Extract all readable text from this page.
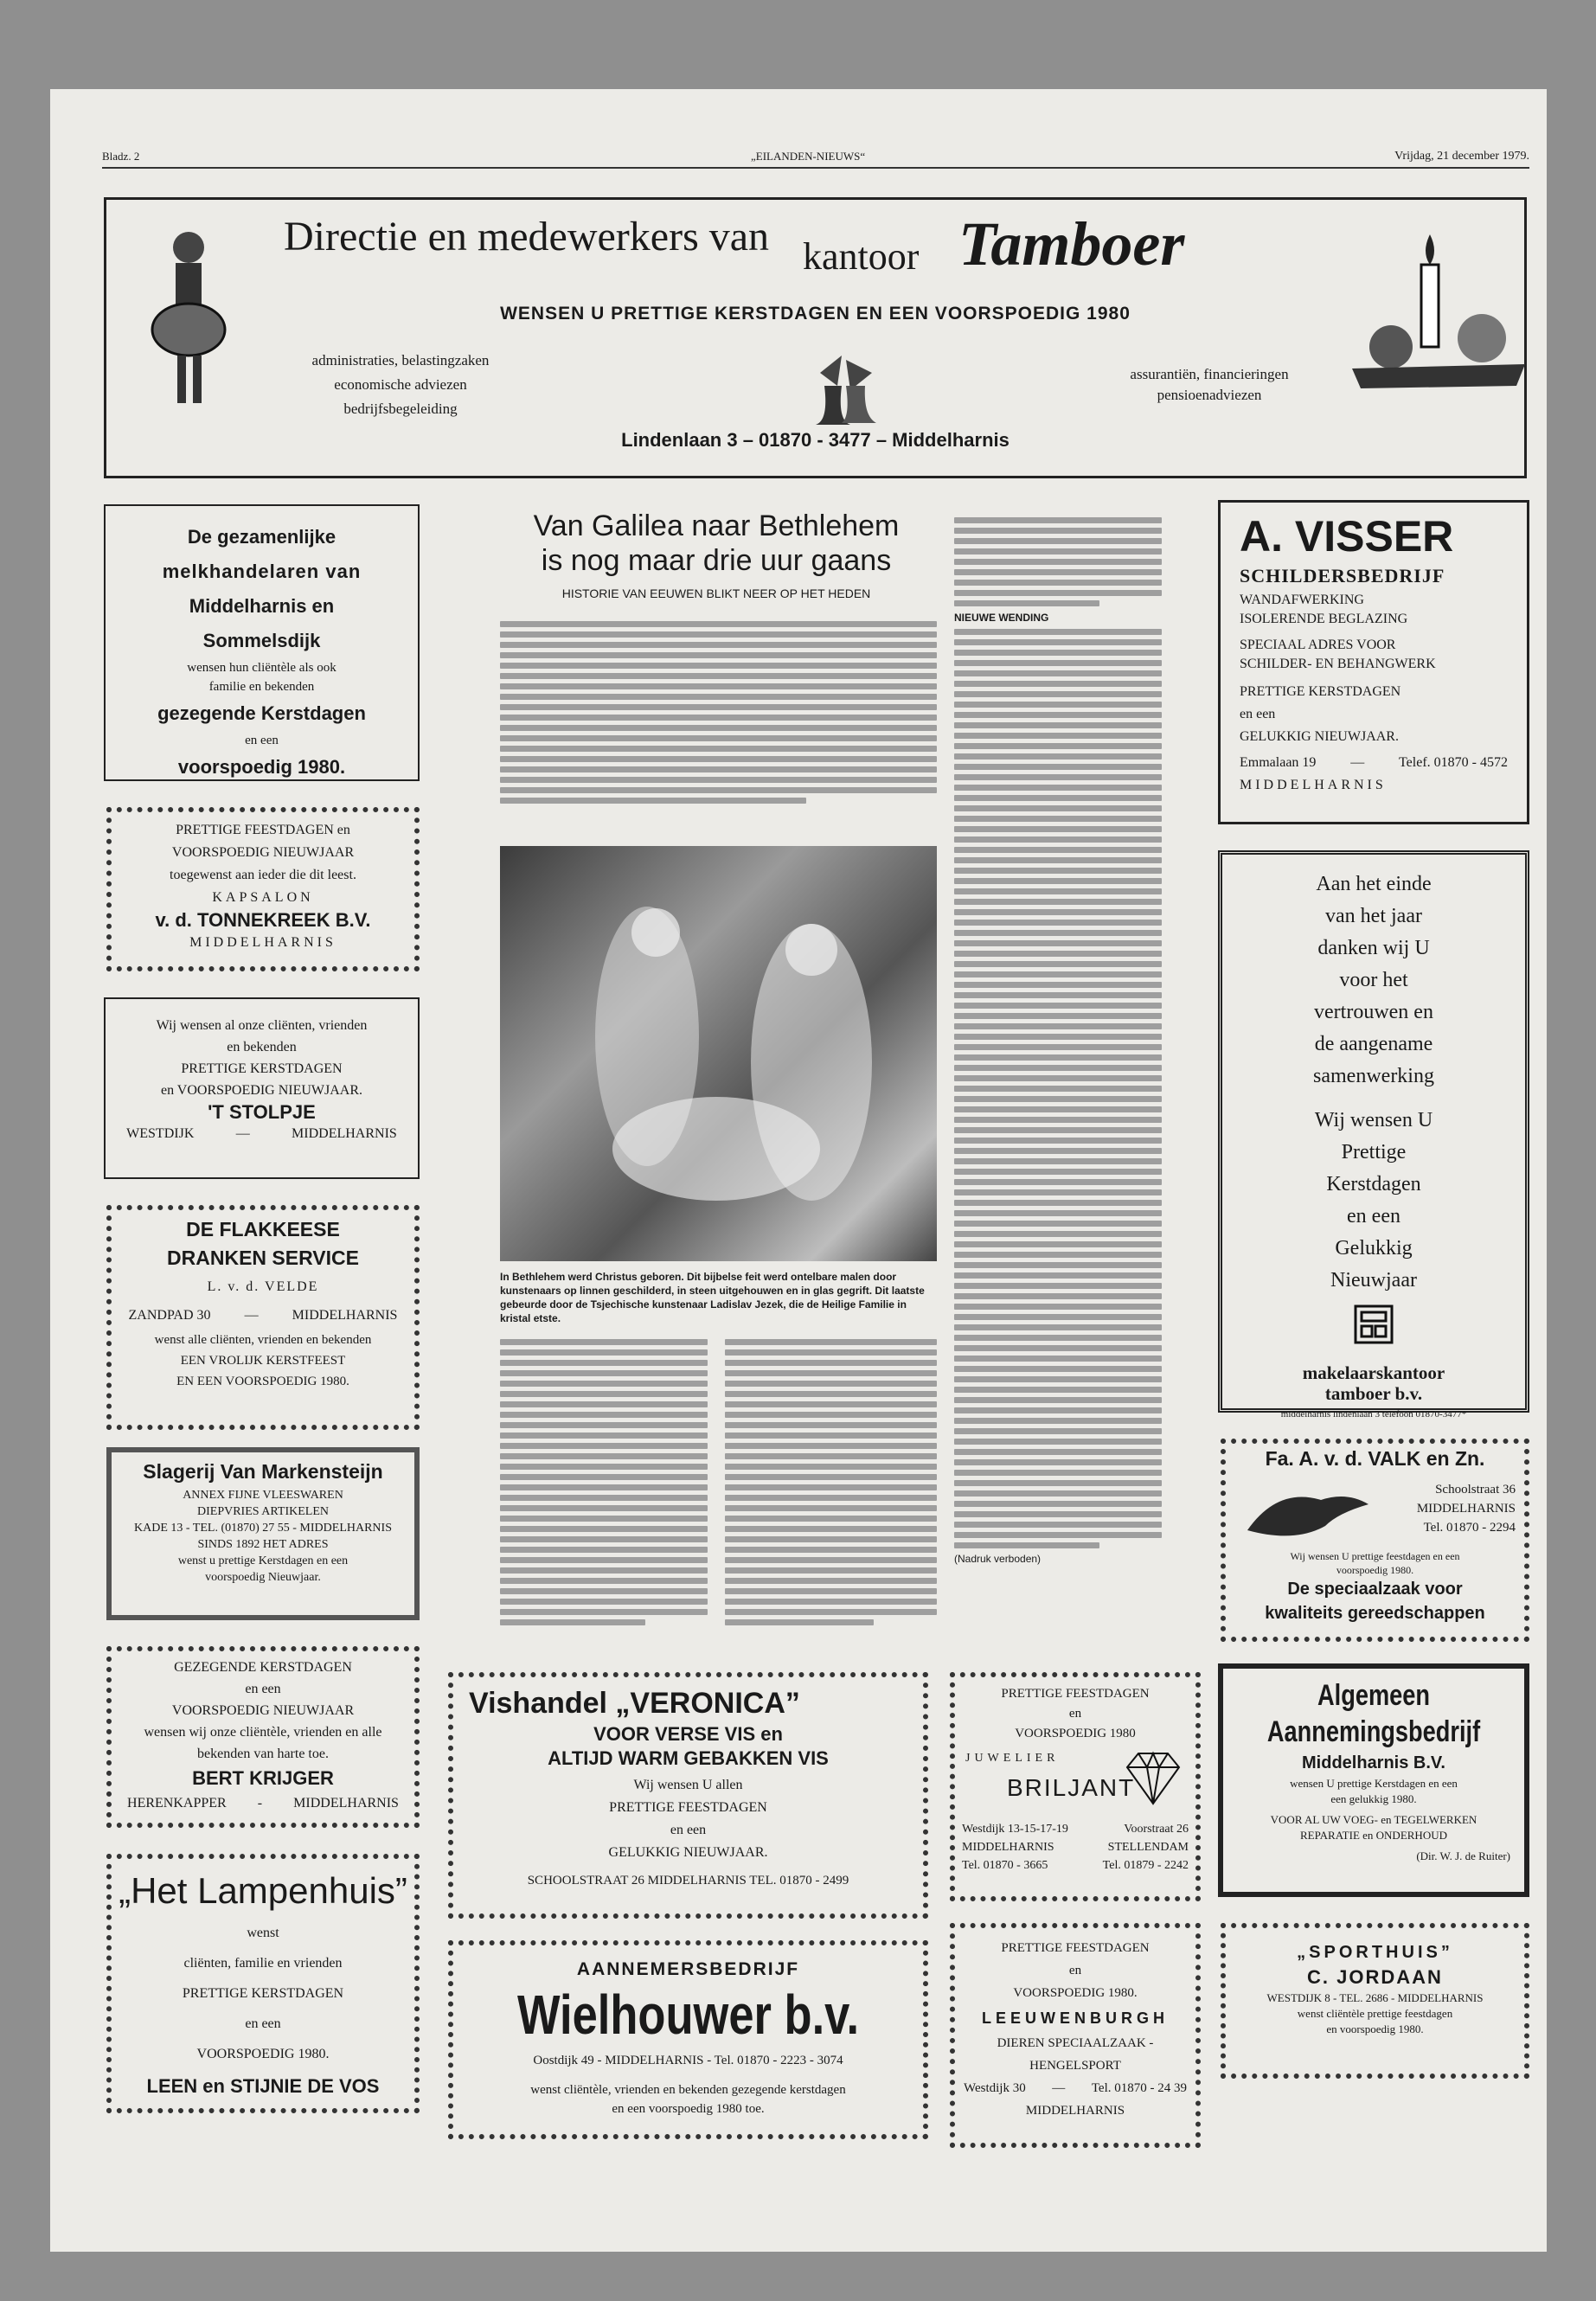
Bladz. 2	„EILANDEN-NIEUWS“	Vrijdag, 21 december 1979.
Directie en medewerkers van kantoor Tamboer
WENSEN U PRETTIGE KERSTDAGEN EN EEN VOORSPOEDIG 1980
administraties, belastingzaken
economische adviezen
bedrijfsbegeleiding
assurantiën, financieringen
pensioenadviezen
Lindenlaan 3 – 01870 - 3477 – Middelharnis
De gezamenlijke
melkhandelaren van
Middelharnis en
Sommelsdijk
wensen hun cliëntèle als ook
familie en bekenden
gezegende Kerstdagen
en een
voorspoedig 1980.
PRETTIGE FEESTDAGEN en
VOORSPOEDIG NIEUWJAAR
toegewenst aan ieder die dit leest.
KAPSALON
v. d. TONNEKREEK B.V.
MIDDELHARNIS
Wij wensen al onze cliënten, vrienden
en bekenden
PRETTIGE KERSTDAGEN
en VOORSPOEDIG NIEUWJAAR.
'T STOLPJE
WESTDIJK	—	MIDDELHARNIS
DE FLAKKEESE
DRANKEN SERVICE
L. v. d. VELDE
ZANDPAD 30 — MIDDELHARNIS
wenst alle cliënten, vrienden en bekenden
EEN VROLIJK KERSTFEEST
EN EEN VOORSPOEDIG 1980.
Slagerij Van Markensteijn
ANNEX FIJNE VLEESWAREN
DIEPVRIES ARTIKELEN
KADE 13 - TEL. (01870) 27 55 - MIDDELHARNIS
SINDS 1892 HET ADRES
wenst u prettige Kerstdagen en een
voorspoedig Nieuwjaar.
GEZEGENDE KERSTDAGEN
en een
VOORSPOEDIG NIEUWJAAR
wensen wij onze cliëntèle, vrienden en alle
bekenden van harte toe.
BERT KRIJGER
HERENKAPPER - MIDDELHARNIS
„Het Lampenhuis”
wenst
cliënten, familie en vrienden
PRETTIGE KERSTDAGEN
en een
VOORSPOEDIG 1980.
LEEN en STIJNIE DE VOS
Van Galilea naar Bethlehem
is nog maar drie uur gaans
HISTORIE VAN EEUWEN BLIKT NEER OP HET HEDEN
In Bethlehem werd Christus geboren. Dit bijbelse feit werd ontelbare malen door kunstenaars op linnen geschilderd, in steen uitgehouwen en in glas gegrift. Dit laatste gebeurde door de Tsjechische kunstenaar Ladislav Jezek, die de Heilige Familie in kristal etste.
NIEUWE WENDING
(Nadruk verboden)
A. VISSER
SCHILDERSBEDRIJF
WANDAFWERKING
ISOLERENDE BEGLAZING
SPECIAAL ADRES VOOR
SCHILDER- EN BEHANGWERK
PRETTIGE KERSTDAGEN
en een
GELUKKIG NIEUWJAAR.
Emmalaan 19 — Telef. 01870 - 4572
MIDDELHARNIS
Aan het einde
van het jaar
danken wij U
voor het
vertrouwen en
de aangename
samenwerking
Wij wensen U
Prettige
Kerstdagen
en een
Gelukkig
Nieuwjaar
makelaarskantoor
tamboer b.v.
middelharnis lindenlaan 3 telefoon 01870-3477*
Fa. A. v. d. VALK en Zn.
Schoolstraat 36
MIDDELHARNIS
Tel. 01870 - 2294
Wij wensen U prettige feestdagen en een
voorspoedig 1980.
De speciaalzaak voor
kwaliteits gereedschappen
Algemeen
Aannemingsbedrijf
Middelharnis B.V.
wensen U prettige Kerstdagen en een
een gelukkig 1980.
VOOR AL UW VOEG- en TEGELWERKEN
REPARATIE en ONDERHOUD
(Dir. W. J. de Ruiter)
„SPORTHUIS”
C. JORDAAN
WESTDIJK 8 - TEL. 2686 - MIDDELHARNIS
wenst cliëntèle prettige feestdagen
en voorspoedig 1980.
Vishandel „VERONICA”
VOOR VERSE VIS en
ALTIJD WARM GEBAKKEN VIS
Wij wensen U allen
PRETTIGE FEESTDAGEN
en een
GELUKKIG NIEUWJAAR.
SCHOOLSTRAAT 26 MIDDELHARNIS TEL. 01870 - 2499
PRETTIGE FEESTDAGEN
en
VOORSPOEDIG 1980
JUWELIER
BRILJANT
Westdijk 13-15-17-19	Voorstraat 26
MIDDELHARNIS	STELLENDAM
Tel. 01870 - 3665	Tel. 01879 - 2242
AANNEMERSBEDRIJF
Wielhouwer b.v.
Oostdijk 49 - MIDDELHARNIS - Tel. 01870 - 2223 - 3074
wenst cliëntèle, vrienden en bekenden gezegende kerstdagen
en een voorspoedig 1980 toe.
PRETTIGE FEESTDAGEN
en
VOORSPOEDIG 1980.
LEEUWENBURGH
DIEREN SPECIAALZAAK -
HENGELSPORT
Westdijk 30 — Tel. 01870 - 24 39
MIDDELHARNIS
